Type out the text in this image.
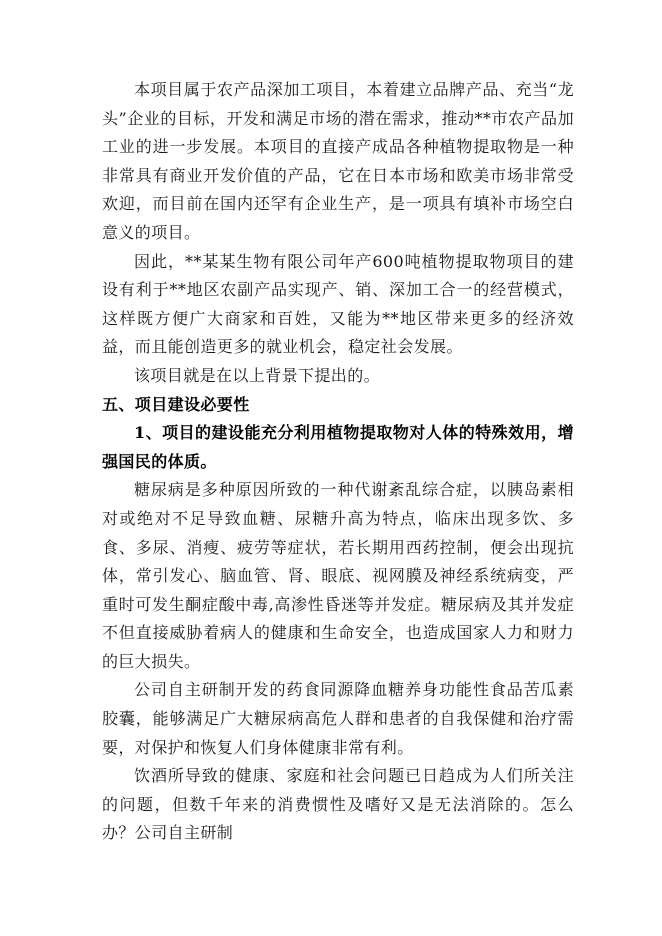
本项目属于农产品深加工项目，本着建立品牌产品、充当“龙头”企业的目标，开发和满足市场的潜在需求，推动**市农产品加工业的进一步发展。本项目的直接产成品各种植物提取物是一种非常具有商业开发价值的产品，它在日本市场和欧美市场非常受欢迎，而目前在国内还罕有企业生产，是一项具有填补市场空白意义的项目。

因此，**某某生物有限公司年产600吨植物提取物项目的建设有利于**地区农副产品实现产、销、深加工合一的经营模式，这样既方便广大商家和百姓，又能为**地区带来更多的经济效益，而且能创造更多的就业机会，稳定社会发展。

该项目就是在以上背景下提出的。

五、项目建设必要性

1、项目的建设能充分利用植物提取物对人体的特殊效用，增强国民的体质。

糖尿病是多种原因所致的一种代谢紊乱综合症，以胰岛素相对或绝对不足导致血糖、尿糖升高为特点，临床出现多饮、多食、多尿、消瘦、疲劳等症状，若长期用西药控制，便会出现抗体，常引发心、脑血管、肾、眼底、视网膜及神经系统病变，严重时可发生酮症酸中毒,高渗性昏迷等并发症。糖尿病及其并发症不但直接威胁着病人的健康和生命安全，也造成国家人力和财力的巨大损失。

公司自主研制开发的药食同源降血糖养身功能性食品苦瓜素胶囊，能够满足广大糖尿病高危人群和患者的自我保健和治疗需要，对保护和恢复人们身体健康非常有利。

饮酒所导致的健康、家庭和社会问题已日趋成为人们所关注的问题，但数千年来的消费惯性及嗜好又是无法消除的。怎么办？公司自主研制
